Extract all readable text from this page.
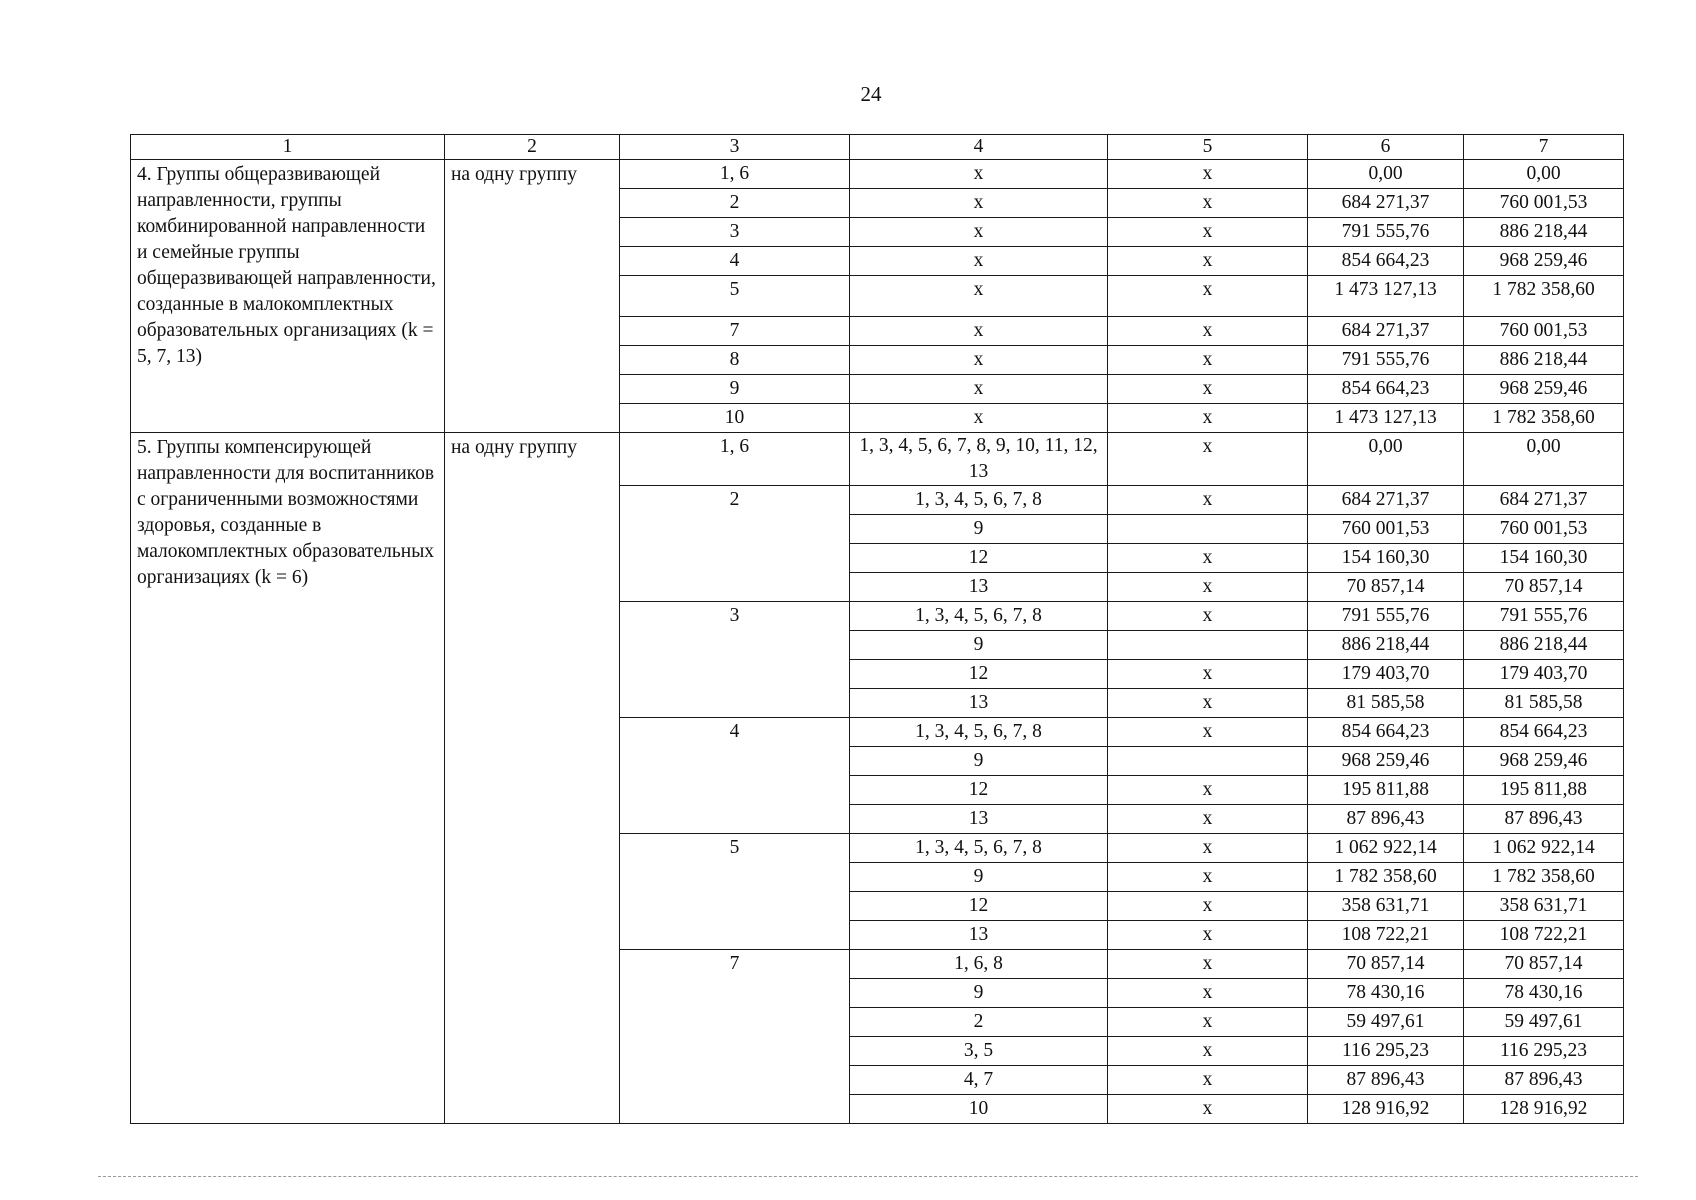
24
1	2	3	4	5	6	7
4. Группы общеразвивающей направленности, группы комбинированной направленности и семейные группы общеразвивающей направленности, созданные в малокомплектных образовательных организациях (k = 5, 7, 13)	на одну группу	1, 6	x	x	0,00	0,00
		2	x	x	684 271,37	760 001,53
		3	x	x	791 555,76	886 218,44
		4	x	x	854 664,23	968 259,46
		5	x	x	1 473 127,13	1 782 358,60
		7	x	x	684 271,37	760 001,53
		8	x	x	791 555,76	886 218,44
		9	x	x	854 664,23	968 259,46
		10	x	x	1 473 127,13	1 782 358,60
5. Группы компенсирующей направленности для воспитанников с ограниченными возможностями здоровья, созданные в малокомплектных образовательных организациях (k = 6)	на одну группу	1, 6	1, 3, 4, 5, 6, 7, 8, 9, 10, 11, 12, 13	x	0,00	0,00
		2	1, 3, 4, 5, 6, 7, 8	x	684 271,37	684 271,37
			9		760 001,53	760 001,53
			12	x	154 160,30	154 160,30
			13	x	70 857,14	70 857,14
		3	1, 3, 4, 5, 6, 7, 8	x	791 555,76	791 555,76
			9		886 218,44	886 218,44
			12	x	179 403,70	179 403,70
			13	x	81 585,58	81 585,58
		4	1, 3, 4, 5, 6, 7, 8	x	854 664,23	854 664,23
			9		968 259,46	968 259,46
			12	x	195 811,88	195 811,88
			13	x	87 896,43	87 896,43
		5	1, 3, 4, 5, 6, 7, 8	x	1 062 922,14	1 062 922,14
			9	x	1 782 358,60	1 782 358,60
			12	x	358 631,71	358 631,71
			13	x	108 722,21	108 722,21
		7	1, 6, 8	x	70 857,14	70 857,14
			9	x	78 430,16	78 430,16
			2	x	59 497,61	59 497,61
			3, 5	x	116 295,23	116 295,23
			4, 7	x	87 896,43	87 896,43
			10	x	128 916,92	128 916,92
